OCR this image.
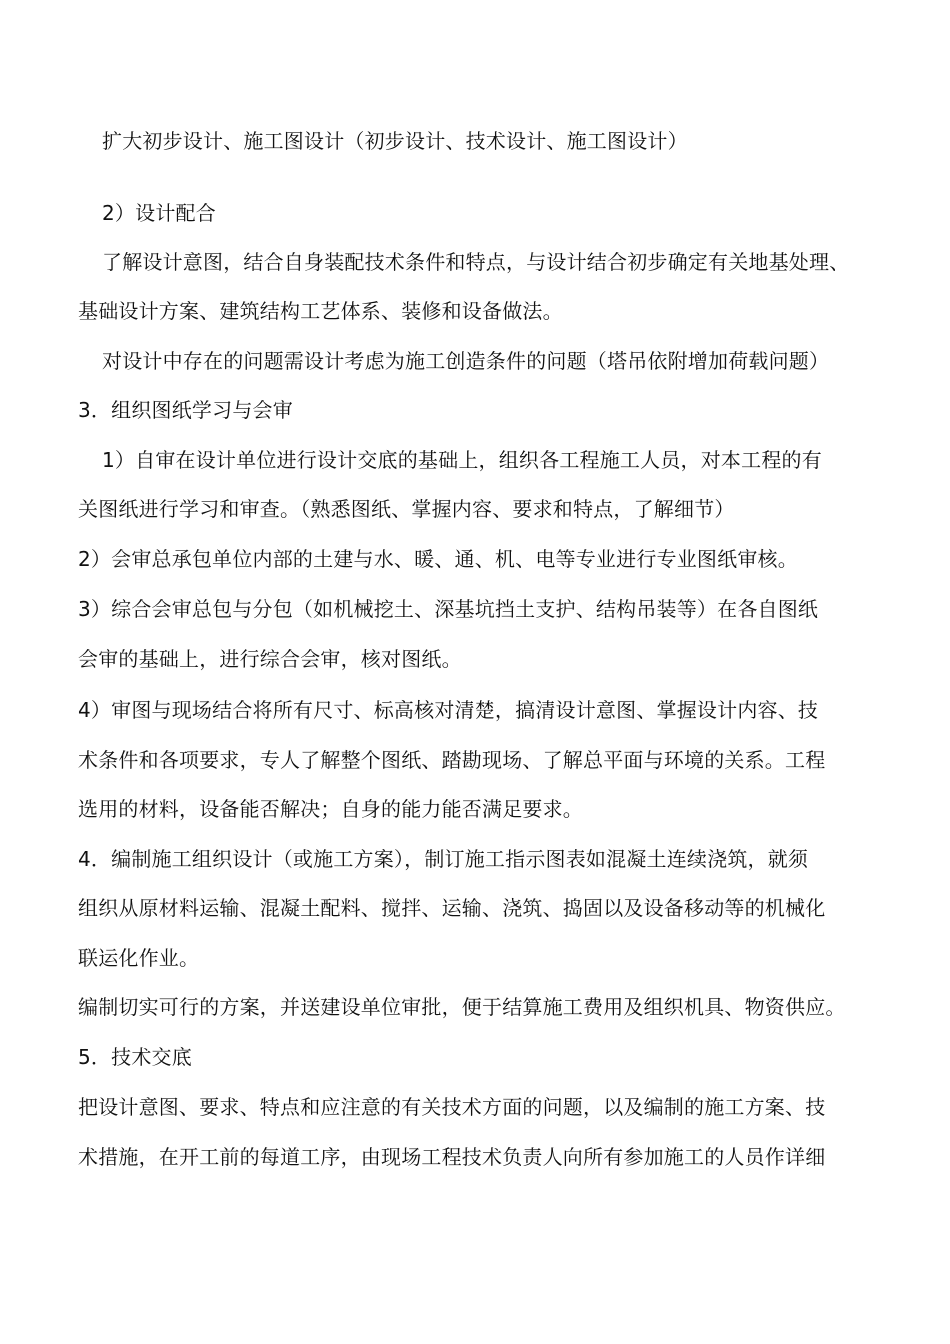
扩大初步设计、施工图设计（初步设计、技术设计、施工图设计）
2）设计配合
了解设计意图，结合自身装配技术条件和特点，与设计结合初步确定有关地基处理、
基础设计方案、建筑结构工艺体系、装修和设备做法。
对设计中存在的问题需设计考虑为施工创造条件的问题（塔吊依附增加荷载问题）
3．组织图纸学习与会审
1）自审在设计单位进行设计交底的基础上，组织各工程施工人员，对本工程的有
关图纸进行学习和审查。（熟悉图纸、掌握内容、要求和特点，了解细节）
2）会审总承包单位内部的土建与水、暖、通、机、电等专业进行专业图纸审核。
3）综合会审总包与分包（如机械挖土、深基坑挡土支护、结构吊装等）在各自图纸
会审的基础上，进行综合会审，核对图纸。
4）审图与现场结合将所有尺寸、标高核对清楚，搞清设计意图、掌握设计内容、技
术条件和各项要求，专人了解整个图纸、踏勘现场、了解总平面与环境的关系。工程
选用的材料，设备能否解决；自身的能力能否满足要求。
4．编制施工组织设计（或施工方案），制订施工指示图表如混凝土连续浇筑，就须
组织从原材料运输、混凝土配料、搅拌、运输、浇筑、捣固以及设备移动等的机械化
联运化作业。
编制切实可行的方案，并送建设单位审批，便于结算施工费用及组织机具、物资供应。
5．技术交底
把设计意图、要求、特点和应注意的有关技术方面的问题，以及编制的施工方案、技
术措施，在开工前的每道工序，由现场工程技术负责人向所有参加施工的人员作详细
